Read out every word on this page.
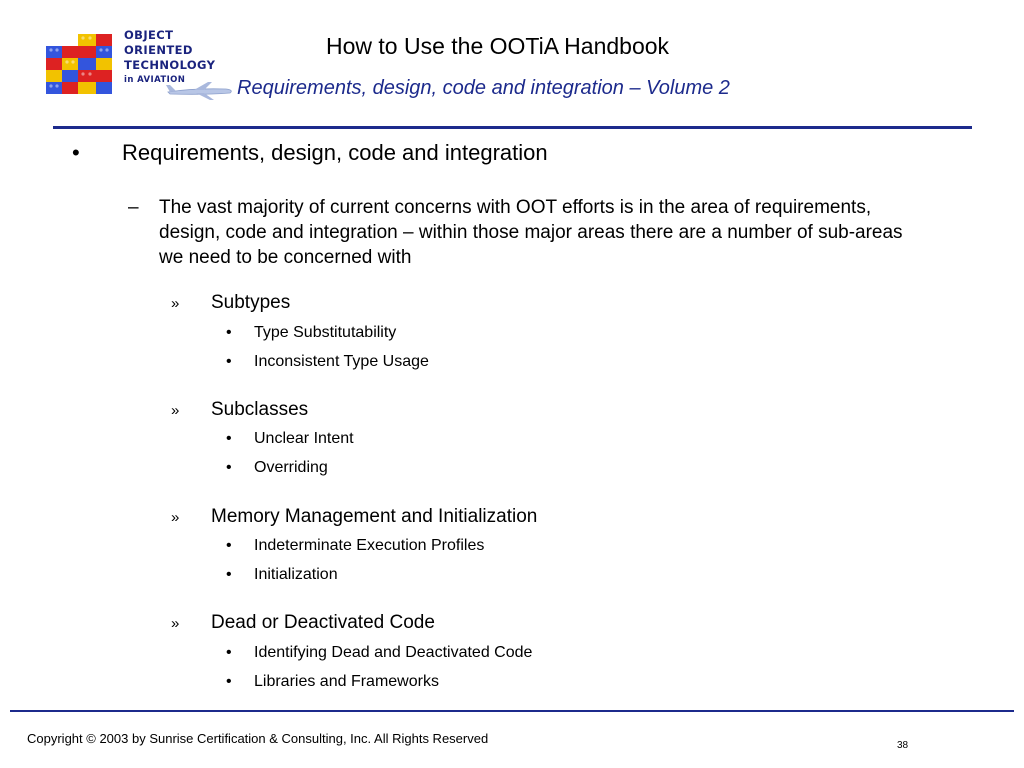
OBJECT
ORIENTED
TECHNOLOGY
in AVIATION
How to Use the OOTiA Handbook
Requirements, design, code and integration – Volume 2
• Requirements, design, code and integration
– The vast majority of current concerns with OOT efforts is in the area of requirements, design, code and integration – within those major areas there are a number of sub-areas we need to be concerned with
» Subtypes
• Type Substitutability
• Inconsistent Type Usage
» Subclasses
• Unclear Intent
• Overriding
» Memory Management and Initialization
• Indeterminate Execution Profiles
• Initialization
» Dead or Deactivated Code
• Identifying Dead and Deactivated Code
• Libraries and Frameworks
Copyright © 2003 by Sunrise Certification & Consulting, Inc. All Rights Reserved	38
